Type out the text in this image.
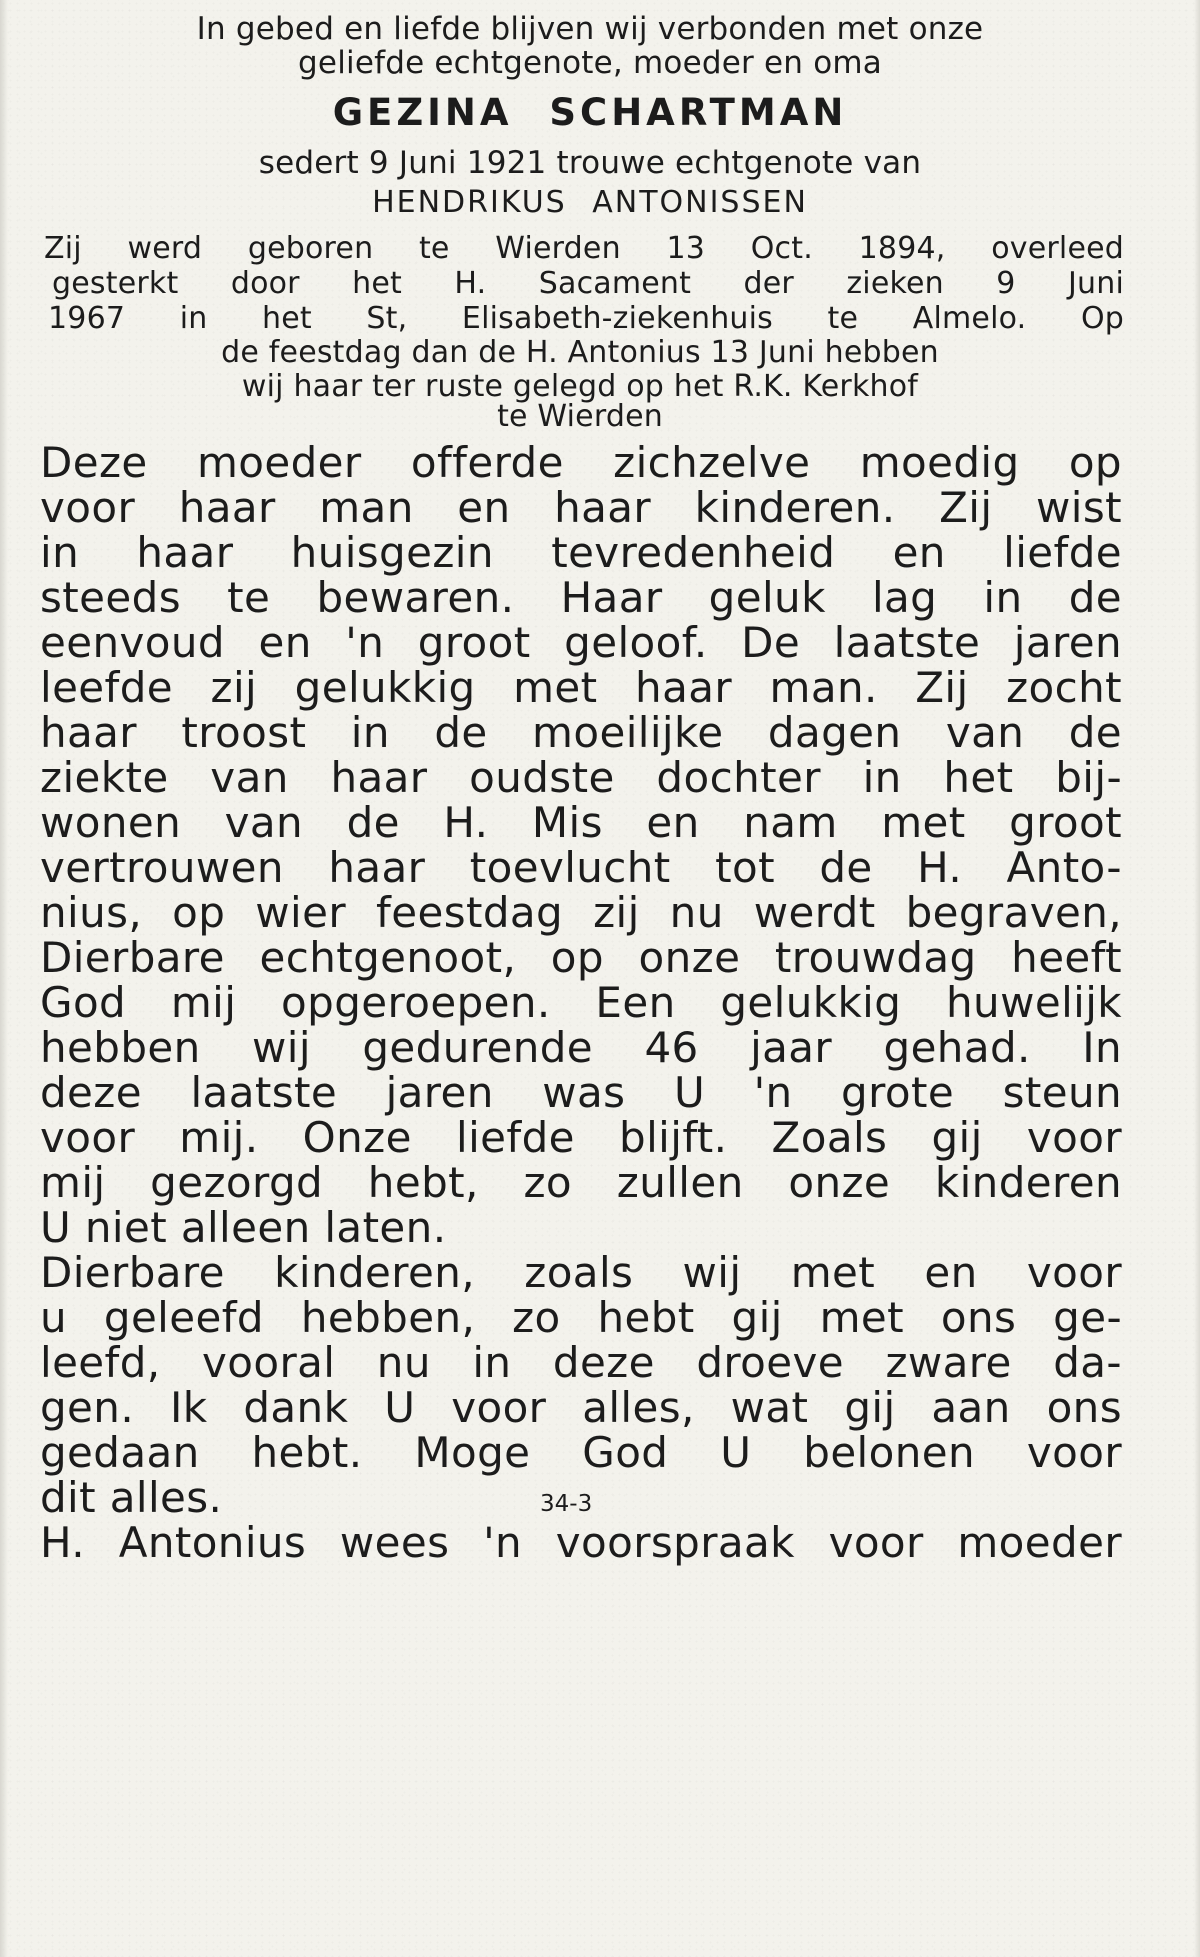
In gebed en liefde blijven wij verbonden met onze
geliefde echtgenote, moeder en oma
GEZINA SCHARTMAN
sedert 9 Juni 1921 trouwe echtgenote van
HENDRIKUS ANTONISSEN
Zij werd geboren te Wierden 13 Oct. 1894, overleed
gesterkt door het H. Sacament der zieken 9 Juni
1967 in het St, Elisabeth-ziekenhuis te Almelo. Op
de feestdag dan de H. Antonius 13 Juni hebben
wij haar ter ruste gelegd op het R.K. Kerkhof
te Wierden
Deze moeder offerde zichzelve moedig op
voor haar man en haar kinderen. Zij wist
in haar huisgezin tevredenheid en liefde
steeds te bewaren. Haar geluk lag in de
eenvoud en 'n groot geloof. De laatste jaren
leefde zij gelukkig met haar man. Zij zocht
haar troost in de moeilijke dagen van de
ziekte van haar oudste dochter in het bij-
wonen van de H. Mis en nam met groot
vertrouwen haar toevlucht tot de H. Anto-
nius, op wier feestdag zij nu werdt begraven,
Dierbare echtgenoot, op onze trouwdag heeft
God mij opgeroepen. Een gelukkig huwelijk
hebben wij gedurende 46 jaar gehad. In
deze laatste jaren was U 'n grote steun
voor mij. Onze liefde blijft. Zoals gij voor
mij gezorgd hebt, zo zullen onze kinderen
U niet alleen laten.
Dierbare kinderen, zoals wij met en voor
u geleefd hebben, zo hebt gij met ons ge-
leefd, vooral nu in deze droeve zware da-
gen. Ik dank U voor alles, wat gij aan ons
gedaan hebt. Moge God U belonen voor
dit alles.	34-3
H. Antonius wees 'n voorspraak voor moeder
